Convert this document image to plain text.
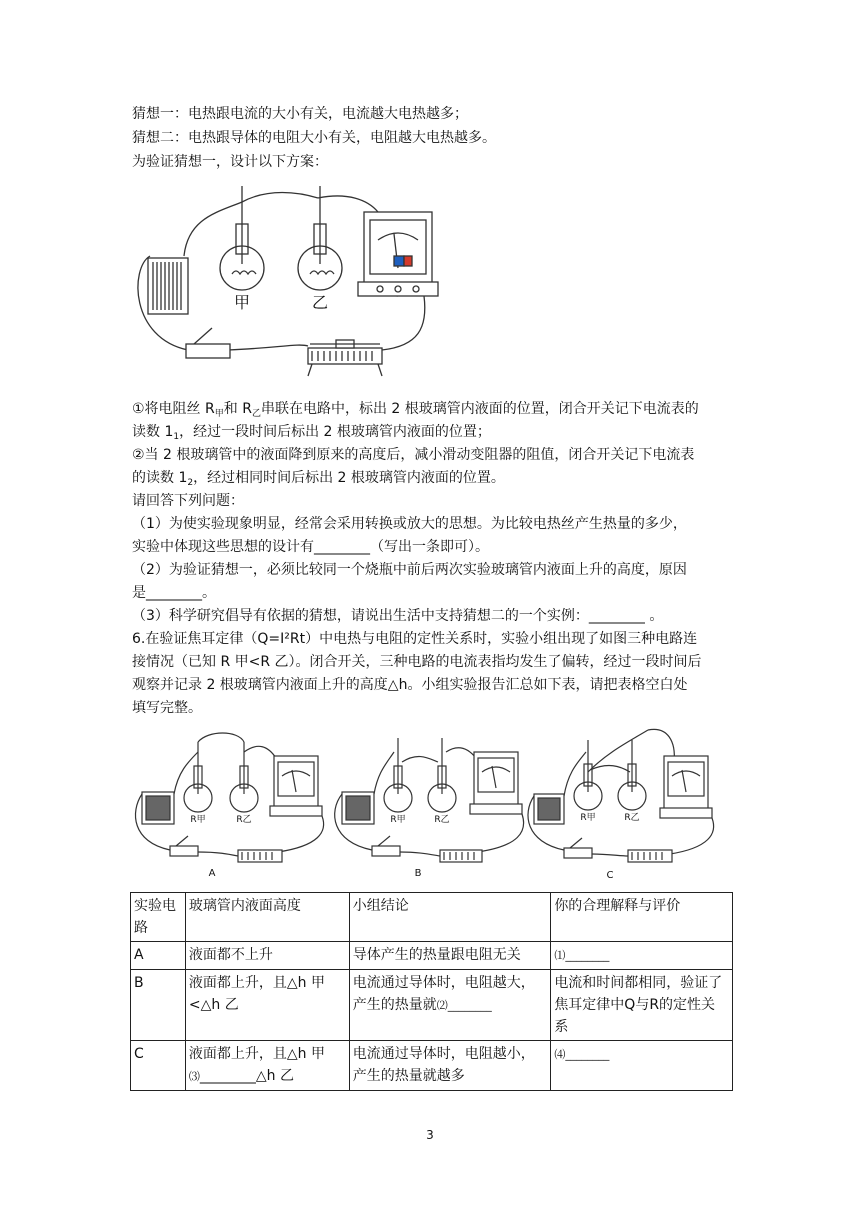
猜想一：电热跟电流的大小有关，电流越大电热越多；
猜想二：电热跟导体的电阻大小有关，电阻越大电热越多。
为验证猜想一，设计以下方案：
甲	乙
①将电阻丝 $R_甲$和 $R_乙$串联在电路中，标出 2 根玻璃管内液面的位置，闭合开关记下电流表的
读数 $1_1$，经过一段时间后标出 2 根玻璃管内液面的位置；
②当 2 根玻璃管中的液面降到原来的高度后，减小滑动变阻器的阻值，闭合开关记下电流表
的读数 $1_2$，经过相同时间后标出 2 根玻璃管内液面的位置。
请回答下列问题：
（1）为使实验现象明显，经常会采用转换或放大的思想。为比较电热丝产生热量的多少，
实验中体现这些思想的设计有________（写出一条即可）。
（2）为验证猜想一，必须比较同一个烧瓶中前后两次实验玻璃管内液面上升的高度，原因
是________。
（3）科学研究倡导有依据的猜想，请说出生活中支持猜想二的一个实例：________ 。
6.在验证焦耳定律（Q=I²Rt）中电热与电阻的定性关系时，实验小组出现了如图三种电路连
接情况（已知 R 甲<R 乙）。闭合开关，三种电路的电流表指均发生了偏转，经过一段时间后
观察并记录 2 根玻璃管内液面上升的高度△h。小组实验报告汇总如下表，请把表格空白处
填写完整。
R甲	R乙	R甲	R乙	R甲	R乙
A	B	C
实验电路	玻璃管内液面高度	小组结论	你的合理解释与评价
A	液面都不上升	导体产生的热量跟电阻无关	⑴________
B	液面都上升，且△h 甲<△h 乙	电流通过导体时，电阻越大，产生的热量就⑵________	电流和时间都相同，验证了焦耳定律中Q与R的定性关系
C	液面都上升，且△h 甲⑶________△h 乙	电流通过导体时，电阻越小，产生的热量就越多	⑷________
3
